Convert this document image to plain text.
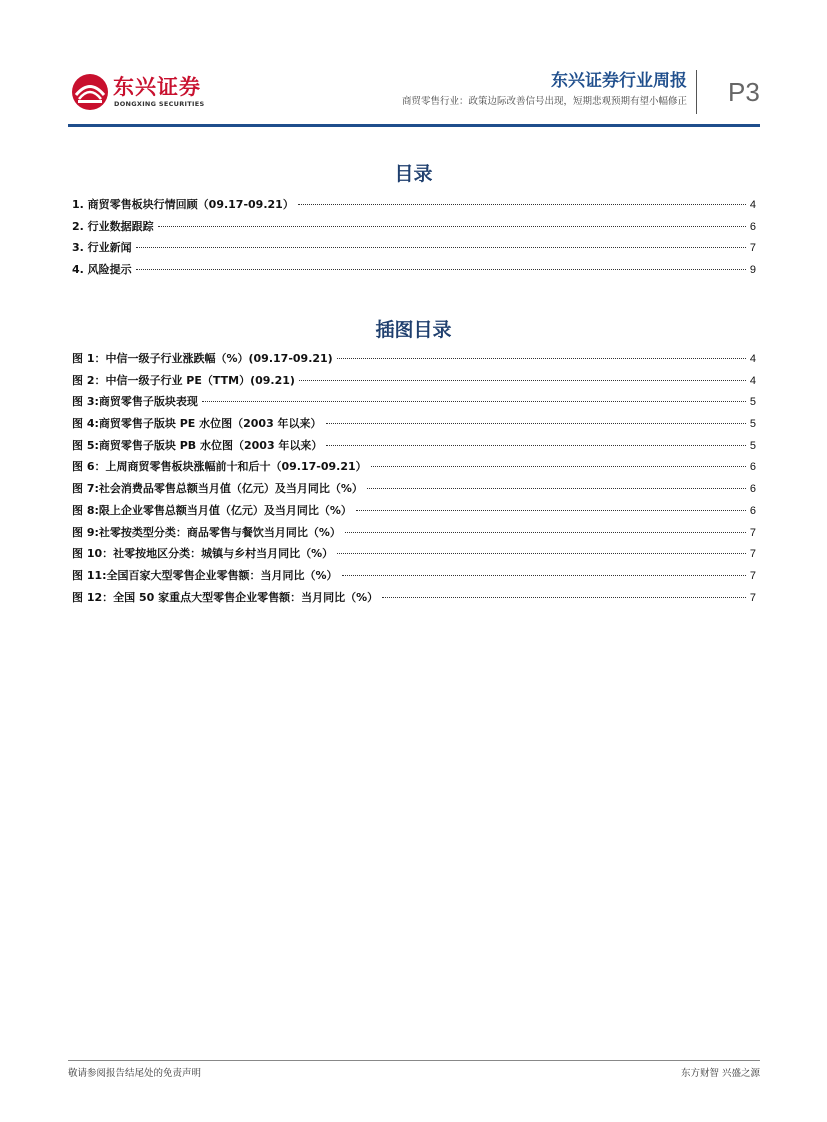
东兴证券
DONGXING SECURITIES
东兴证券行业周报
商贸零售行业：政策边际改善信号出现，短期悲观预期有望小幅修正 P3
目录
1. 商贸零售板块行情回顾（09.17-09.21）	4
2. 行业数据跟踪	6
3. 行业新闻	7
4. 风险提示	9
插图目录
图 1：中信一级子行业涨跌幅（%）(09.17-09.21)	4
图 2：中信一级子行业 PE（TTM）(09.21)	4
图 3:商贸零售子版块表现	5
图 4:商贸零售子版块 PE 水位图（2003 年以来）	5
图 5:商贸零售子版块 PB 水位图（2003 年以来）	5
图 6：上周商贸零售板块涨幅前十和后十（09.17-09.21）	6
图 7:社会消费品零售总额当月值（亿元）及当月同比（%）	6
图 8:限上企业零售总额当月值（亿元）及当月同比（%）	6
图 9:社零按类型分类：商品零售与餐饮当月同比（%）	7
图 10：社零按地区分类：城镇与乡村当月同比（%）	7
图 11:全国百家大型零售企业零售额：当月同比（%）	7
图 12：全国 50 家重点大型零售企业零售额：当月同比（%）	7
敬请参阅报告结尾处的免责声明	东方财智 兴盛之源
